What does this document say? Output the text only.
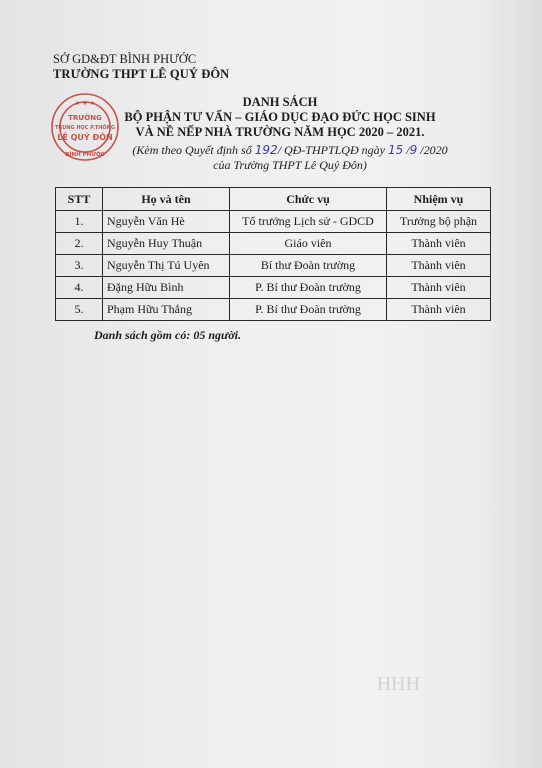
SỞ GD&ĐT BÌNH PHƯỚC
TRƯỜNG THPT LÊ QUÝ ĐÔN
★ ★ ★
TRƯỜNG
TRUNG HỌC P.THÔNG
LÊ QUÝ ĐÔN
BÌNH PHƯỚC
DANH SÁCH
BỘ PHẬN TƯ VẤN – GIÁO DỤC ĐẠO ĐỨC HỌC SINH
VÀ NỀ NẾP NHÀ TRƯỜNG NĂM HỌC 2020 – 2021.
(Kèm theo Quyết định số 192/ QĐ-THPTLQĐ ngày 15 /9 /2020
của Trường THPT Lê Quý Đôn)
STT	Họ và tên	Chức vụ	Nhiệm vụ
1.	Nguyễn Văn Hè	Tổ trưởng Lịch sử - GDCD	Trưởng bộ phận
2.	Nguyễn Huy Thuận	Giáo viên	Thành viên
3.	Nguyễn Thị Tú Uyên	Bí thư Đoàn trường	Thành viên
4.	Đặng Hữu Bình	P. Bí thư Đoàn trường	Thành viên
5.	Phạm Hữu Thắng	P. Bí thư Đoàn trường	Thành viên
Danh sách gồm có: 05 người.
HHH
